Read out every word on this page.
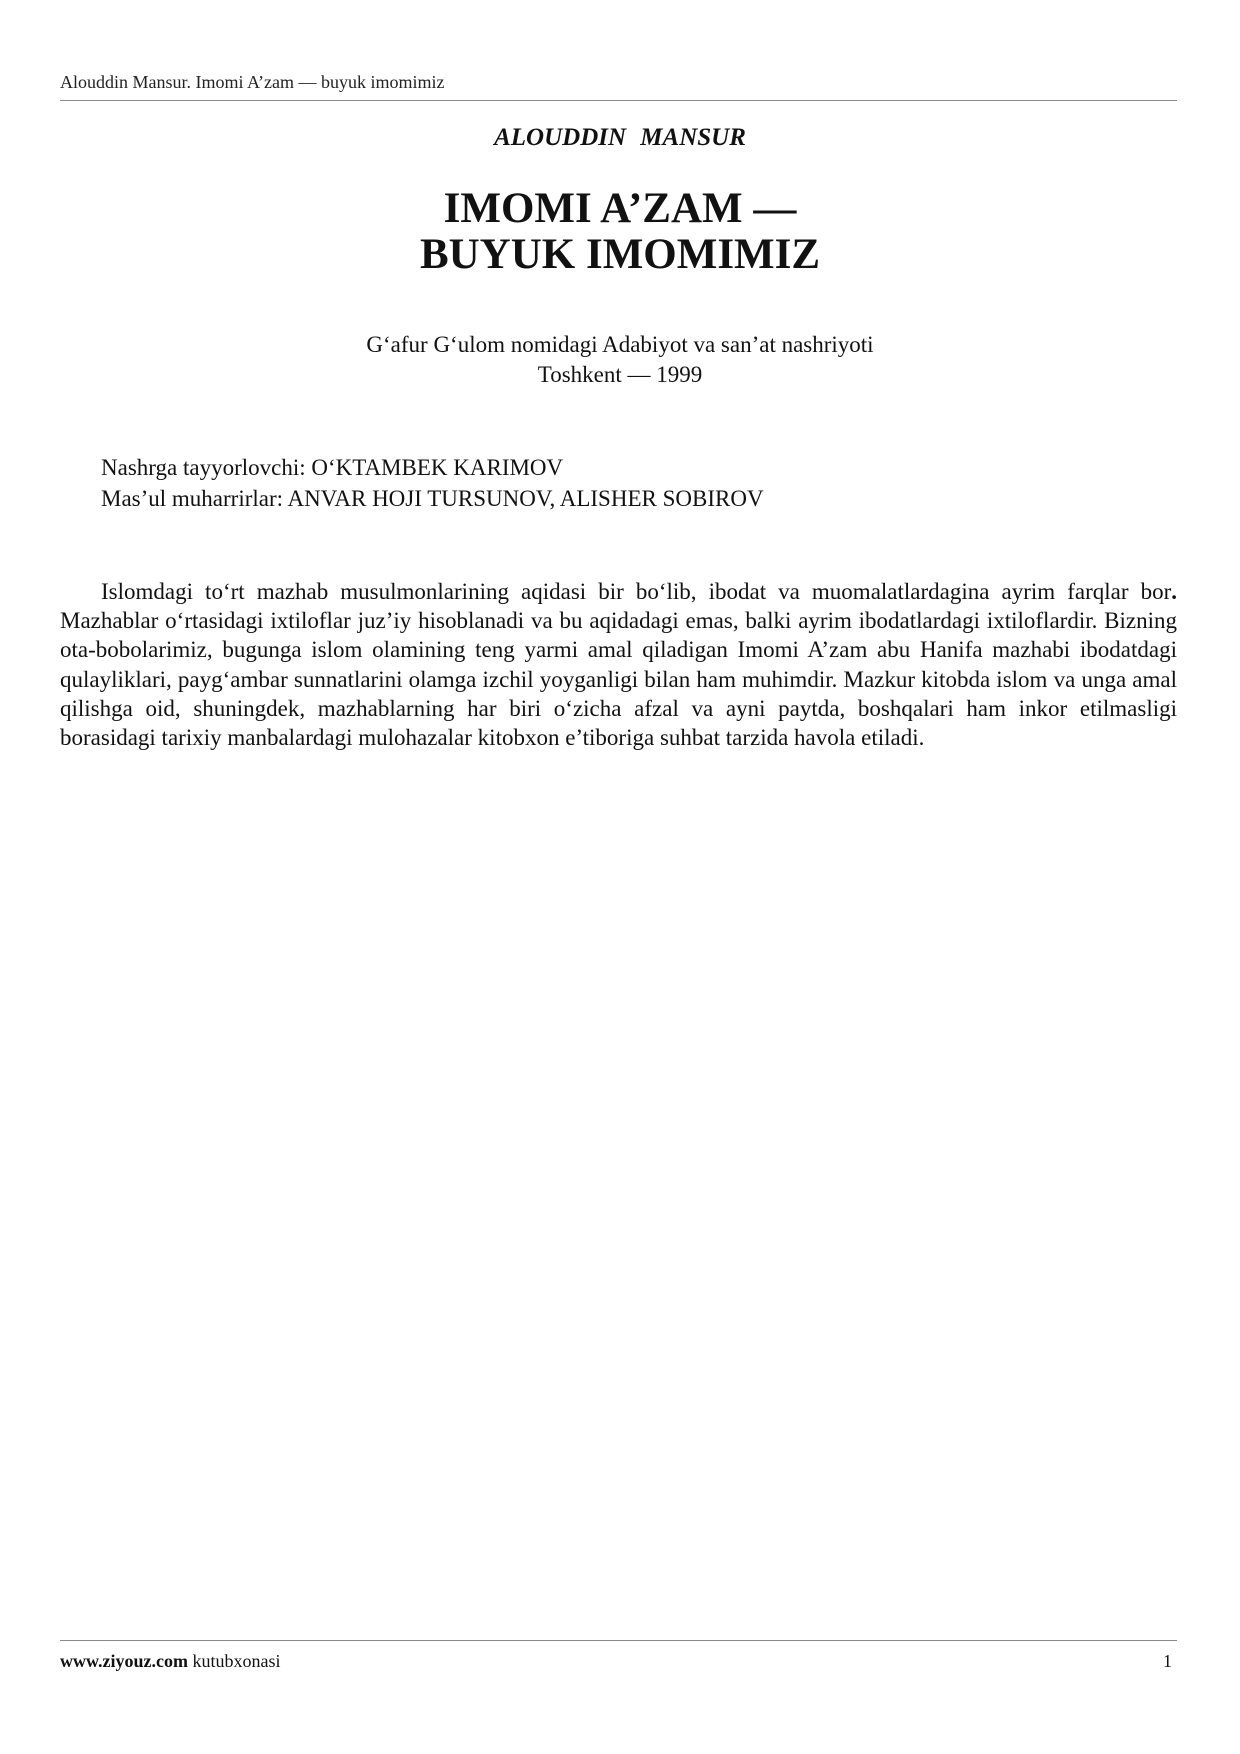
Alouddin Mansur. Imomi A’zam — buyuk imomimiz
ALOUDDIN MANSUR
IMOMI A’ZAM —
BUYUK IMOMIMIZ
G‘afur G‘ulom nomidagi Adabiyot va san’at nashriyoti
Toshkent — 1999
Nashrga tayyorlovchi: O‘KTAMBEK KARIMOV
Mas’ul muharrirlar: ANVAR HOJI TURSUNOV, ALISHER SOBIROV

Islomdagi to‘rt mazhab musulmonlarining aqidasi bir bo‘lib, ibodat va muomalatlardagina ayrim farqlar bor. Mazhablar o‘rtasidagi ixtiloflar juz’iy hisoblanadi va bu aqidadagi emas, balki ayrim ibodatlardagi ixtiloflardir. Bizning ota-bobolarimiz, bugunga islom olamining teng yarmi amal qiladigan Imomi A’zam abu Hanifa mazhabi ibodatdagi qulayliklari, payg‘ambar sunnatlarini olamga izchil yoyganligi bilan ham muhimdir. Mazkur kitobda islom va unga amal qilishga oid, shuningdek, mazhablarning har biri o‘zicha afzal va ayni paytda, boshqalari ham inkor etilmasligi borasidagi tarixiy manbalardagi mulohazalar kitobxon e’tiboriga suhbat tarzida havola etiladi.

www.ziyouz.com kutubxonasi	1
